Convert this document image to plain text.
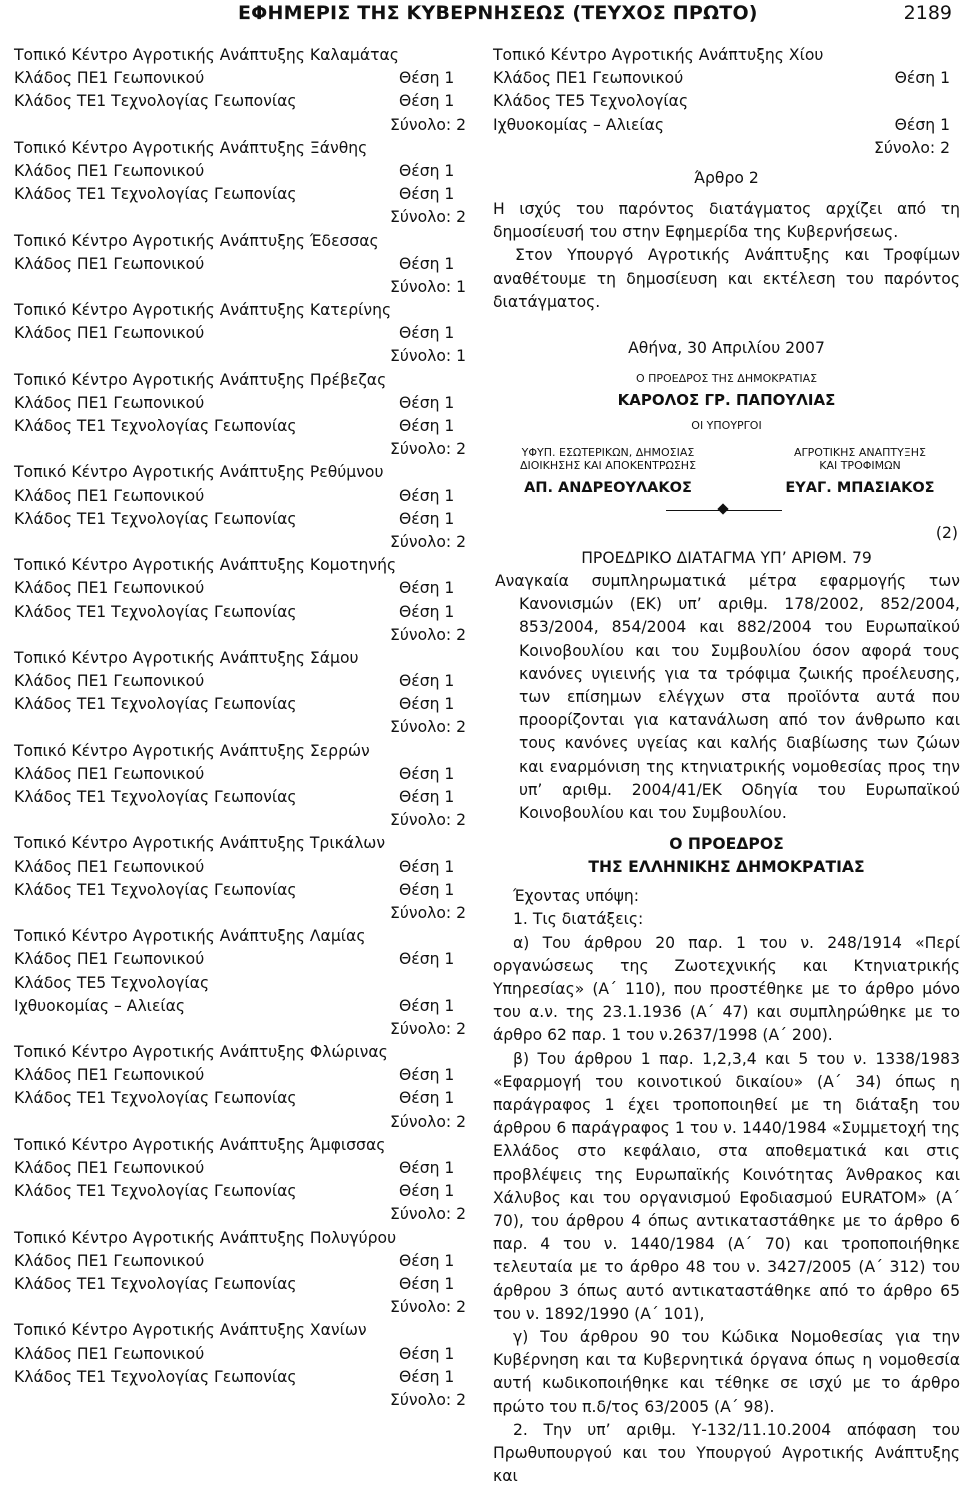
ΕΦΗΜΕΡΙΣ ΤΗΣ ΚΥΒΕΡΝΗΣΕΩΣ (ΤΕΥΧΟΣ ΠΡΩΤΟ)	2189
Τοπικό Κέντρο Αγροτικής Ανάπτυξης Καλαμάτας
Κλάδος ΠΕ1 Γεωπονικού	Θέση 1
Κλάδος ΤΕ1 Τεχνολογίας Γεωπονίας	Θέση 1
Σύνολο: 2
Τοπικό Κέντρο Αγροτικής Ανάπτυξης Ξάνθης
Κλάδος ΠΕ1 Γεωπονικού	Θέση 1
Κλάδος ΤΕ1 Τεχνολογίας Γεωπονίας	Θέση 1
Σύνολο: 2
Τοπικό Κέντρο Αγροτικής Ανάπτυξης Έδεσσας
Κλάδος ΠΕ1 Γεωπονικού	Θέση 1
Σύνολο: 1
Τοπικό Κέντρο Αγροτικής Ανάπτυξης Κατερίνης
Κλάδος ΠΕ1 Γεωπονικού	Θέση 1
Σύνολο: 1
Τοπικό Κέντρο Αγροτικής Ανάπτυξης Πρέβεζας
Κλάδος ΠΕ1 Γεωπονικού	Θέση 1
Κλάδος ΤΕ1 Τεχνολογίας Γεωπονίας	Θέση 1
Σύνολο: 2
Τοπικό Κέντρο Αγροτικής Ανάπτυξης Ρεθύμνου
Κλάδος ΠΕ1 Γεωπονικού	Θέση 1
Κλάδος ΤΕ1 Τεχνολογίας Γεωπονίας	Θέση 1
Σύνολο: 2
Τοπικό Κέντρο Αγροτικής Ανάπτυξης Κομοτηνής
Κλάδος ΠΕ1 Γεωπονικού	Θέση 1
Κλάδος ΤΕ1 Τεχνολογίας Γεωπονίας	Θέση 1
Σύνολο: 2
Τοπικό Κέντρο Αγροτικής Ανάπτυξης Σάμου
Κλάδος ΠΕ1 Γεωπονικού	Θέση 1
Κλάδος ΤΕ1 Τεχνολογίας Γεωπονίας	Θέση 1
Σύνολο: 2
Τοπικό Κέντρο Αγροτικής Ανάπτυξης Σερρών
Κλάδος ΠΕ1 Γεωπονικού	Θέση 1
Κλάδος ΤΕ1 Τεχνολογίας Γεωπονίας	Θέση 1
Σύνολο: 2
Τοπικό Κέντρο Αγροτικής Ανάπτυξης Τρικάλων
Κλάδος ΠΕ1 Γεωπονικού	Θέση 1
Κλάδος ΤΕ1 Τεχνολογίας Γεωπονίας	Θέση 1
Σύνολο: 2
Τοπικό Κέντρο Αγροτικής Ανάπτυξης Λαμίας
Κλάδος ΠΕ1 Γεωπονικού	Θέση 1
Κλάδος ΤΕ5 Τεχνολογίας
Ιχθυοκομίας – Αλιείας	Θέση 1
Σύνολο: 2
Τοπικό Κέντρο Αγροτικής Ανάπτυξης Φλώρινας
Κλάδος ΠΕ1 Γεωπονικού	Θέση 1
Κλάδος ΤΕ1 Τεχνολογίας Γεωπονίας	Θέση 1
Σύνολο: 2
Τοπικό Κέντρο Αγροτικής Ανάπτυξης Άμφισσας
Κλάδος ΠΕ1 Γεωπονικού	Θέση 1
Κλάδος ΤΕ1 Τεχνολογίας Γεωπονίας	Θέση 1
Σύνολο: 2
Τοπικό Κέντρο Αγροτικής Ανάπτυξης Πολυγύρου
Κλάδος ΠΕ1 Γεωπονικού	Θέση 1
Κλάδος ΤΕ1 Τεχνολογίας Γεωπονίας	Θέση 1
Σύνολο: 2
Τοπικό Κέντρο Αγροτικής Ανάπτυξης Χανίων
Κλάδος ΠΕ1 Γεωπονικού	Θέση 1
Κλάδος ΤΕ1 Τεχνολογίας Γεωπονίας	Θέση 1
Σύνολο: 2
Τοπικό Κέντρο Αγροτικής Ανάπτυξης Χίου
Κλάδος ΠΕ1 Γεωπονικού	Θέση 1
Κλάδος ΤΕ5 Τεχνολογίας
Ιχθυοκομίας – Αλιείας	Θέση 1
Σύνολο: 2
Άρθρο 2
Η ισχύς του παρόντος διατάγματος αρχίζει από τη δημοσίευσή του στην Εφημερίδα της Κυβερνήσεως.
Στον Υπουργό Αγροτικής Ανάπτυξης και Τροφίμων αναθέτουμε τη δημοσίευση και εκτέλεση του παρόντος διατάγματος.
Αθήνα, 30 Απριλίου 2007
Ο ΠΡΟΕΔΡΟΣ ΤΗΣ ΔΗΜΟΚΡΑΤΙΑΣ
ΚΑΡΟΛΟΣ ΓΡ. ΠΑΠΟΥΛΙΑΣ
ΟΙ ΥΠΟΥΡΓΟΙ
ΥΦΥΠ. ΕΣΩΤΕΡΙΚΩΝ, ΔΗΜΟΣΙΑΣ
ΔΙΟΙΚΗΣΗΣ ΚΑΙ ΑΠΟΚΕΝΤΡΩΣΗΣ
ΑΠ. ΑΝΔΡΕΟΥΛΑΚΟΣ
ΑΓΡΟΤΙΚΗΣ ΑΝΑΠΤΥΞΗΣ
ΚΑΙ ΤΡΟΦΙΜΩΝ
ΕΥΑΓ. ΜΠΑΣΙΑΚΟΣ
(2)
ΠΡΟΕΔΡΙΚΟ ΔΙΑΤΑΓΜΑ ΥΠ’ ΑΡΙΘΜ. 79
Αναγκαία συμπληρωματικά μέτρα εφαρμογής των Κανονισμών (ΕΚ) υπ’ αριθμ. 178/2002, 852/2004, 853/2004, 854/2004 και 882/2004 του Ευρωπαϊκού Κοινοβουλίου και του Συμβουλίου όσον αφορά τους κανόνες υγιεινής για τα τρόφιμα ζωικής προέλευσης, των επίσημων ελέγχων στα προϊόντα αυτά που προορίζονται για κατανάλωση από τον άνθρωπο και τους κανόνες υγείας και καλής διαβίωσης των ζώων και εναρμόνιση της κτηνιατρικής νομοθεσίας προς την υπ’ αριθμ. 2004/41/ΕΚ Οδηγία του Ευρωπαϊκού Κοινοβουλίου και του Συμβουλίου.
Ο ΠΡΟΕΔΡΟΣ
ΤΗΣ ΕΛΛΗΝΙΚΗΣ ΔΗΜΟΚΡΑΤΙΑΣ
Έχοντας υπόψη:
1. Τις διατάξεις:
α) Του άρθρου 20 παρ. 1 του ν. 248/1914 «Περί οργανώσεως της Ζωοτεχνικής και Κτηνιατρικής Υπηρεσίας» (Α΄ 110), που προστέθηκε με το άρθρο μόνο του α.ν. της 23.1.1936 (Α΄ 47) και συμπληρώθηκε με το άρθρο 62 παρ. 1 του ν.2637/1998 (Α΄ 200).
β) Του άρθρου 1 παρ. 1,2,3,4 και 5 του ν. 1338/1983 «Εφαρμογή του κοινοτικού δικαίου» (Α΄ 34) όπως η παράγραφος 1 έχει τροποποιηθεί με τη διάταξη του άρθρου 6 παράγραφος 1 του ν. 1440/1984 «Συμμετοχή της Ελλάδος στο κεφάλαιο, στα αποθεματικά και στις προβλέψεις της Ευρωπαϊκής Κοινότητας Άνθρακος και Χάλυβος και του οργανισμού Εφοδιασμού EURATOM» (Α΄ 70), του άρθρου 4 όπως αντικαταστάθηκε με το άρθρο 6 παρ. 4 του ν. 1440/1984 (Α΄ 70) και τροποποιήθηκε τελευταία με το άρθρο 48 του ν. 3427/2005 (Α΄ 312) του άρθρου 3 όπως αυτό αντικαταστάθηκε από το άρθρο 65 του ν. 1892/1990 (Α΄ 101),
γ) Του άρθρου 90 του Κώδικα Νομοθεσίας για την Κυβέρνηση και τα Κυβερνητικά όργανα όπως η νομοθεσία αυτή κωδικοποιήθηκε και τέθηκε σε ισχύ με το άρθρο πρώτο του π.δ/τος 63/2005 (Α΄ 98).
2. Την υπ’ αριθμ. Υ-132/11.10.2004 απόφαση του Πρωθυπουργού και του Υπουργού Αγροτικής Ανάπτυξης και
